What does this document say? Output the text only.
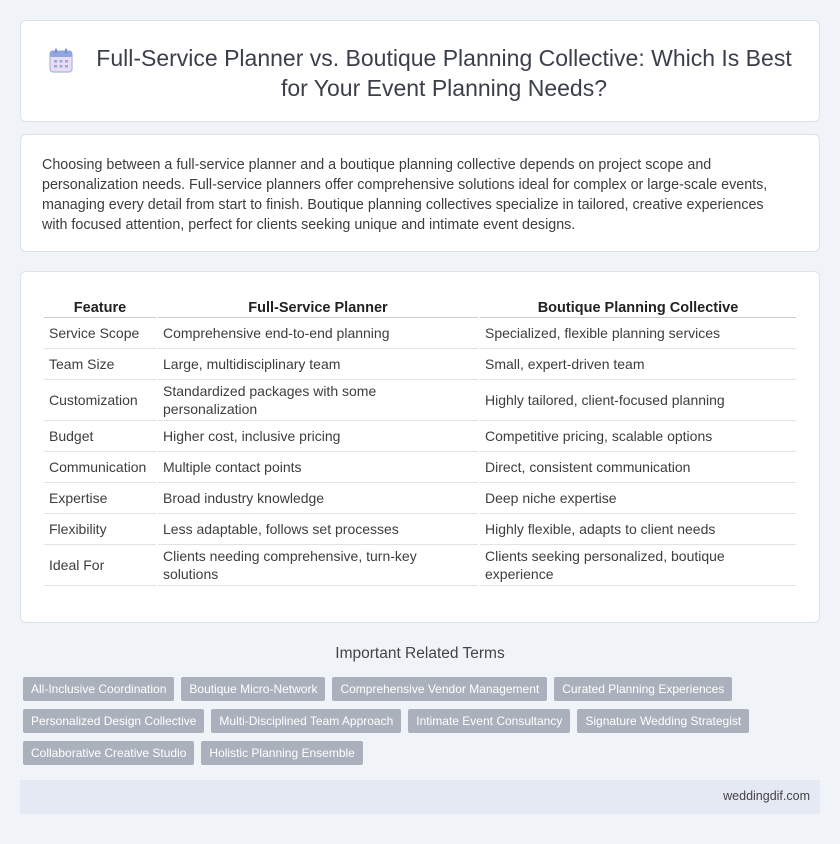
Full-Service Planner vs. Boutique Planning Collective: Which Is Best for Your Event Planning Needs?

Choosing between a full-service planner and a boutique planning collective depends on project scope and personalization needs. Full-service planners offer comprehensive solutions ideal for complex or large-scale events, managing every detail from start to finish. Boutique planning collectives specialize in tailored, creative experiences with focused attention, perfect for clients seeking unique and intimate event designs.

Feature	Full-Service Planner	Boutique Planning Collective
Service Scope	Comprehensive end-to-end planning	Specialized, flexible planning services
Team Size	Large, multidisciplinary team	Small, expert-driven team
Customization	Standardized packages with some personalization	Highly tailored, client-focused planning
Budget	Higher cost, inclusive pricing	Competitive pricing, scalable options
Communication	Multiple contact points	Direct, consistent communication
Expertise	Broad industry knowledge	Deep niche expertise
Flexibility	Less adaptable, follows set processes	Highly flexible, adapts to client needs
Ideal For	Clients needing comprehensive, turn-key solutions	Clients seeking personalized, boutique experience
Important Related Terms
All-Inclusive Coordination	Boutique Micro-Network	Comprehensive Vendor Management	Curated Planning Experiences
Personalized Design Collective	Multi-Disciplined Team Approach	Intimate Event Consultancy	Signature Wedding Strategist
Collaborative Creative Studio	Holistic Planning Ensemble
weddingdif.com
